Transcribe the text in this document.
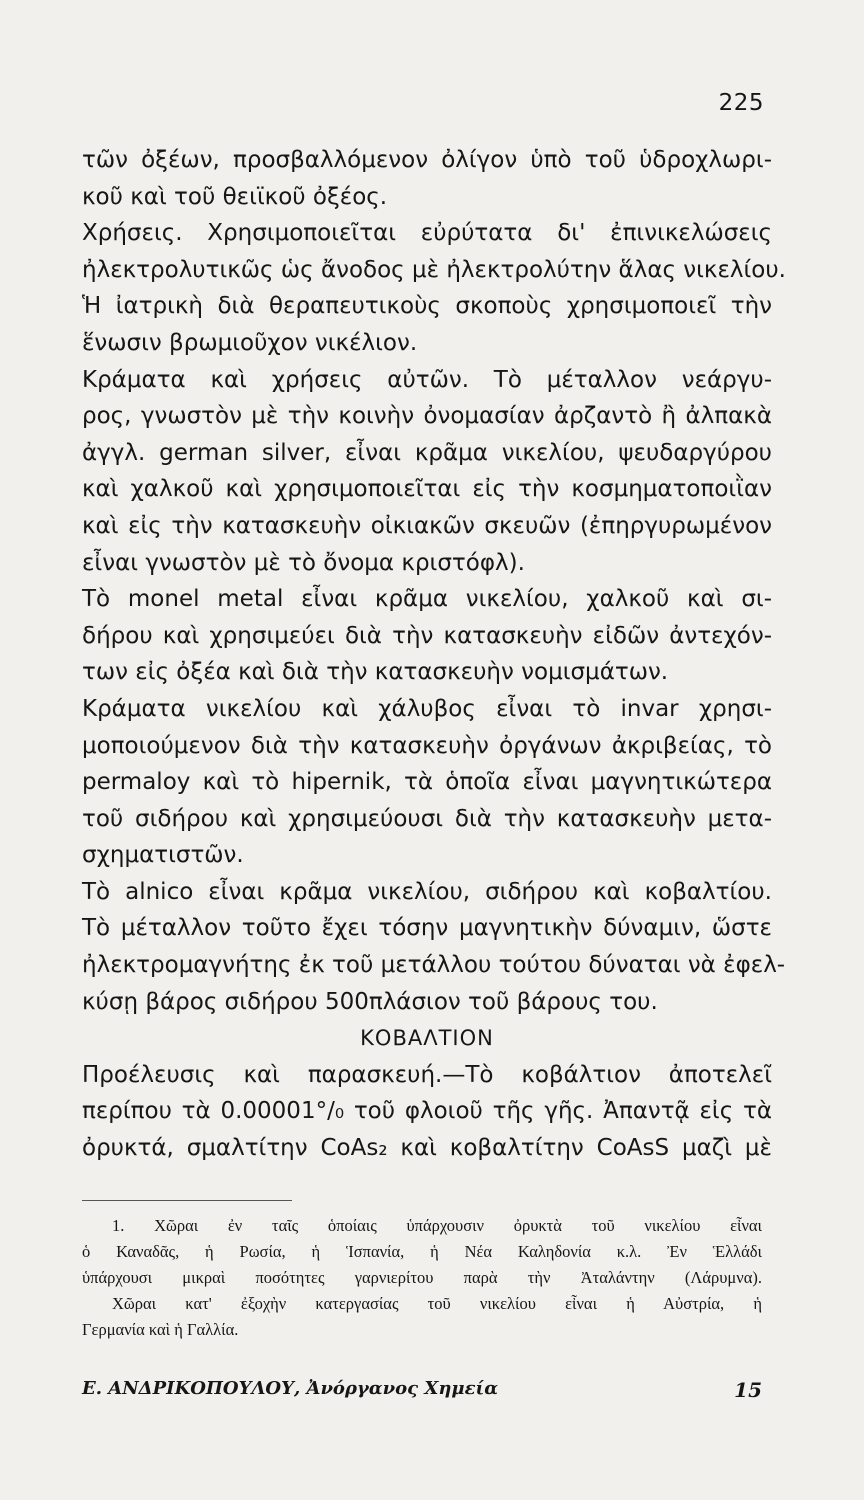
225
τῶν ὀξέων, προσβαλλόμενον ὀλίγον ὑπὸ τοῦ ὑδροχλωρι-
κοῦ καὶ τοῦ θειϊκοῦ ὀξέος.
Χρήσεις. Χρησιμοποιεῖται εὐρύτατα δι' ἐπινικελώσεις
ἠλεκτρολυτικῶς ὡς ἄνοδος μὲ ἠλεκτρολύτην ἅλας νικελίου.
Ἡ ἰατρικὴ διὰ θεραπευτικοὺς σκοποὺς χρησιμοποιεῖ τὴν
ἕνωσιν βρωμιοῦχον νικέλιον.
Κράματα καὶ χρήσεις αὐτῶν. Τὸ μέταλλον νεάργυ-
ρος, γνωστὸν μὲ τὴν κοινὴν ὀνομασίαν ἀρζαντὸ ἢ ἀλπακὰ
ἀγγλ. german silver, εἶναι κρᾶμα νικελίου, ψευδαργύρου
καὶ χαλκοῦ καὶ χρησιμοποιεῖται εἰς τὴν κοσμηματοποιῒαν
καὶ εἰς τὴν κατασκευὴν οἰκιακῶν σκευῶν (ἐπηργυρωμένον
εἶναι γνωστὸν μὲ τὸ ὄνομα κριστόφλ).
Τὸ monel metal εἶναι κρᾶμα νικελίου, χαλκοῦ καὶ σι-
δήρου καὶ χρησιμεύει διὰ τὴν κατασκευὴν εἰδῶν ἀντεχόν-
των εἰς ὀξέα καὶ διὰ τὴν κατασκευὴν νομισμάτων.
Κράματα νικελίου καὶ χάλυβος εἶναι τὸ invar χρησι-
μοποιούμενον διὰ τὴν κατασκευὴν ὀργάνων ἀκριβείας, τὸ
permaloy καὶ τὸ hipernik, τὰ ὁποῖα εἶναι μαγνητικώτερα
τοῦ σιδήρου καὶ χρησιμεύουσι διὰ τὴν κατασκευὴν μετα-
σχηματιστῶν.
Τὸ alnico εἶναι κρᾶμα νικελίου, σιδήρου καὶ κοβαλτίου.
Τὸ μέταλλον τοῦτο ἔχει τόσην μαγνητικὴν δύναμιν, ὥστε
ἠλεκτρομαγνήτης ἐκ τοῦ μετάλλου τούτου δύναται νὰ ἐφελ-
κύσῃ βάρος σιδήρου 500πλάσιον τοῦ βάρους του.
ΚΟΒΑΛΤΙΟΝ
Προέλευσις καὶ παρασκευή.—Τὸ κοβάλτιον ἀποτελεῖ
περίπου τὰ 0.00001°/₀ τοῦ φλοιοῦ τῆς γῆς. Ἀπαντᾷ εἰς τὰ
ὀρυκτά, σμαλτίτην CoAs₂ καὶ κοβαλτίτην CoAsS μαζὶ μὲ
1. Χῶραι ἐν ταῖς ὁποίαις ὑπάρχουσιν ὀρυκτὰ τοῦ νικελίου εἶναι
ὁ Καναδᾶς, ἡ Ρωσία, ἡ Ἱσπανία, ἡ Νέα Καληδονία κ.λ. Ἐν Ἑλλάδι
ὑπάρχουσι μικραὶ ποσότητες γαρνιερίτου παρὰ τὴν Ἀταλάντην (Λάρυμνα).
Χῶραι κατ' ἐξοχὴν κατεργασίας τοῦ νικελίου εἶναι ἡ Αὐστρία, ἡ
Γερμανία καὶ ἡ Γαλλία.
Ε. ΑΝΔΡΙΚΟΠΟΥΛΟΥ, Ἀνόργανος Χημεία	15
